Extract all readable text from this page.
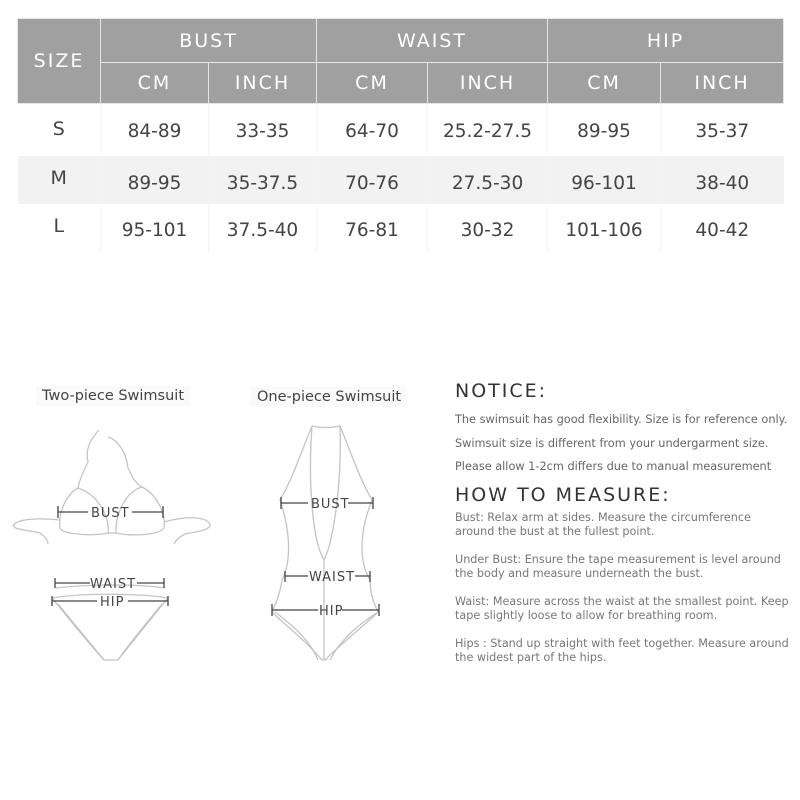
SIZE	BUST		WAIST		HIP	
	CM	INCH	CM	INCH	CM	INCH
S	84-89	33-35	64-70	25.2-27.5	89-95	35-37
M	89-95	35-37.5	70-76	27.5-30	96-101	38-40
L	95-101	37.5-40	76-81	30-32	101-106	40-42
Two-piece Swimsuit
BUST
WAIST
HIP
One-piece Swimsuit
BUST
WAIST
HIP
NOTICE:

The swimsuit has good flexibility. Size is for reference only.

Swimsuit size is different from your undergarment size.

Please allow 1-2cm differs due to manual measurement

HOW TO MEASURE:

Bust: Relax arm at sides. Measure the circumference around the bust at the fullest point.

Under Bust: Ensure the tape measurement is level around the body and measure underneath the bust.

Waist: Measure across the waist at the smallest point. Keep tape slightly loose to allow for breathing room.

Hips : Stand up straight with feet together. Measure around the widest part of the hips.
